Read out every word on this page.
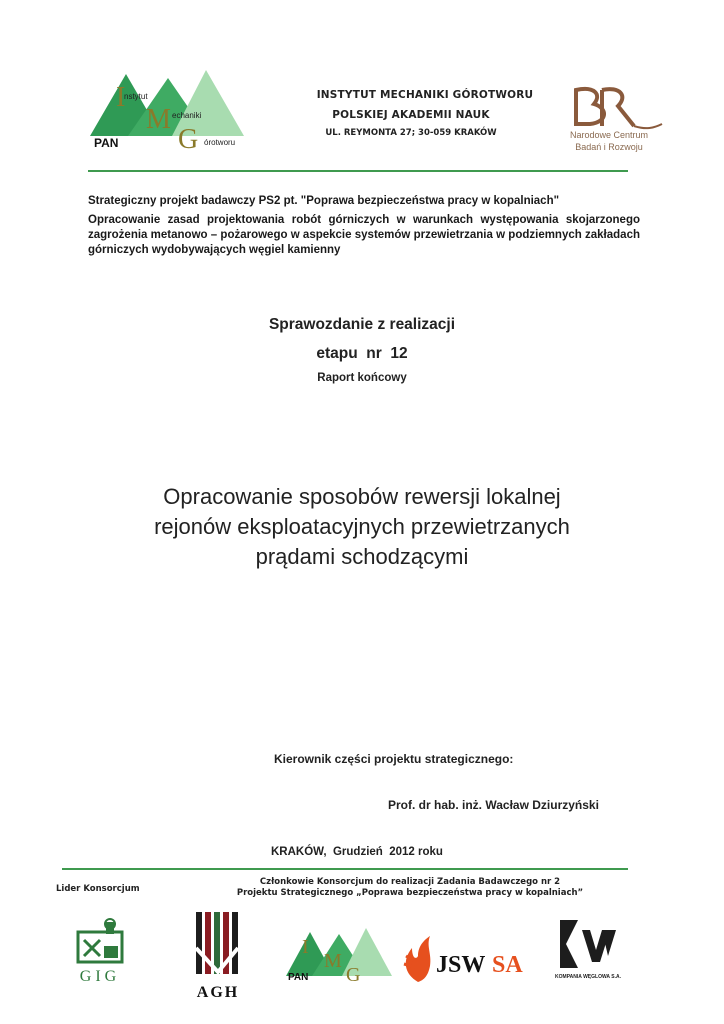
I
M
G
nstytut
echaniki
órotworu
PAN
INSTYTUT MECHANIKI GÓROTWORU
POLSKIEJ AKADEMII NAUK
UL. REYMONTA 27; 30-059 KRAKÓW	Narodowe Centrum
Badań i Rozwoju
Strategiczny projekt badawczy PS2 pt. "Poprawa bezpieczeństwa pracy w kopalniach"
Opracowanie zasad projektowania robót górniczych w warunkach występowania skojarzonego zagrożenia metanowo – pożarowego w aspekcie systemów przewietrzania w podziemnych zakładach górniczych wydobywających węgiel kamienny
Sprawozdanie z realizacji
etapu  nr  12
Raport końcowy
Opracowanie sposobów rewersji lokalnej
rejonów eksploatacyjnych przewietrzanych
prądami schodzącymi
Kierownik części projektu strategicznego:
Prof. dr hab. inż. Wacław Dziurzyński
KRAKÓW,  Grudzień  2012 roku
Lider Konsorcjum
Członkowie Konsorcjum do realizacji Zadania Badawczego nr 2
Projektu Strategicznego „Poprawa bezpieczeństwa pracy w kopalniach”
GIG
AGH
I
M
G
PAN	JSW SA	KOMPANIA WĘGLOWA S.A.
